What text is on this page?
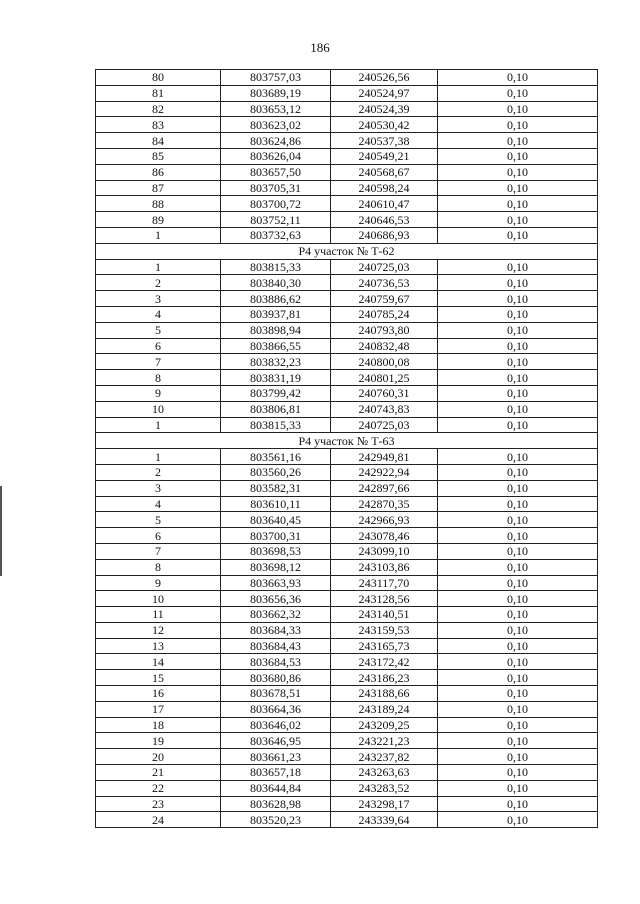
186
80	803757,03	240526,56	0,10
81	803689,19	240524,97	0,10
82	803653,12	240524,39	0,10
83	803623,02	240530,42	0,10
84	803624,86	240537,38	0,10
85	803626,04	240549,21	0,10
86	803657,50	240568,67	0,10
87	803705,31	240598,24	0,10
88	803700,72	240610,47	0,10
89	803752,11	240646,53	0,10
1	803732,63	240686,93	0,10
Р4 участок № Т-62			
1	803815,33	240725,03	0,10
2	803840,30	240736,53	0,10
3	803886,62	240759,67	0,10
4	803937,81	240785,24	0,10
5	803898,94	240793,80	0,10
6	803866,55	240832,48	0,10
7	803832,23	240800,08	0,10
8	803831,19	240801,25	0,10
9	803799,42	240760,31	0,10
10	803806,81	240743,83	0,10
1	803815,33	240725,03	0,10
Р4 участок № Т-63			
1	803561,16	242949,81	0,10
2	803560,26	242922,94	0,10
3	803582,31	242897,66	0,10
4	803610,11	242870,35	0,10
5	803640,45	242966,93	0,10
6	803700,31	243078,46	0,10
7	803698,53	243099,10	0,10
8	803698,12	243103,86	0,10
9	803663,93	243117,70	0,10
10	803656,36	243128,56	0,10
11	803662,32	243140,51	0,10
12	803684,33	243159,53	0,10
13	803684,43	243165,73	0,10
14	803684,53	243172,42	0,10
15	803680,86	243186,23	0,10
16	803678,51	243188,66	0,10
17	803664,36	243189,24	0,10
18	803646,02	243209,25	0,10
19	803646,95	243221,23	0,10
20	803661,23	243237,82	0,10
21	803657,18	243263,63	0,10
22	803644,84	243283,52	0,10
23	803628,98	243298,17	0,10
24	803520,23	243339,64	0,10
